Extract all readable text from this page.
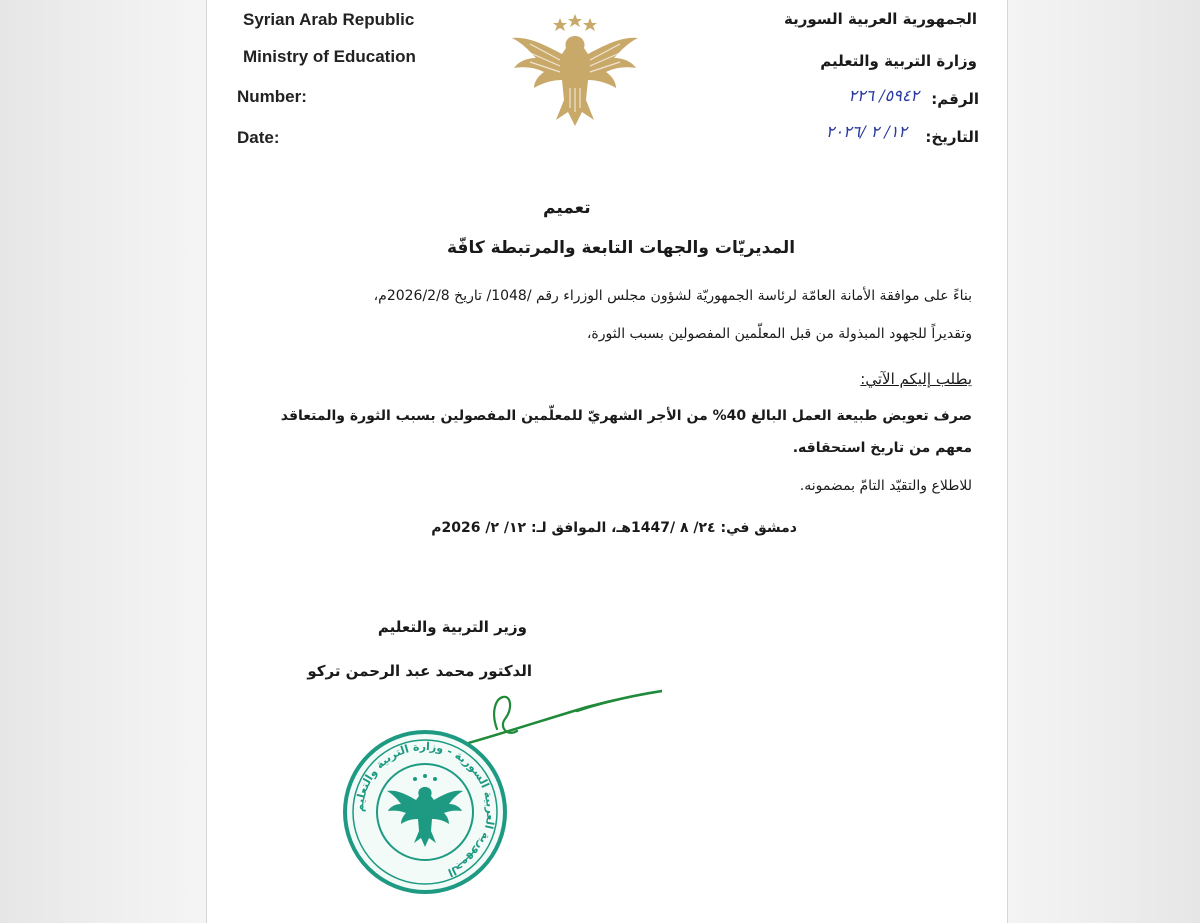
Syrian Arab Republic
Ministry of Education
Number:
Date:
الجمهورية العربية السورية
وزارة التربية والتعليم
الرقم:
٥٩٤٢/ ٢٢٦
التاريخ:
١٢/ ٢ /٢٠٢٦
تعميم
المديريّات والجهات التابعة والمرتبطة كافّة
بناءً على موافقة الأمانة العامّة لرئاسة الجمهوريّة لشؤون مجلس الوزراء رقم /1048/ تاريخ 2026/2/8م،
وتقديراً للجهود المبذولة من قبل المعلّمين المفصولين بسبب الثورة،
يطلب إليكم الآتي:
صرف تعويض طبيعة العمل البالغ 40% من الأجر الشهريّ للمعلّمين المفصولين بسبب الثورة والمتعاقد
معهم من تاريخ استحقاقه.
للاطلاع والتقيّد التامّ بمضمونه.
دمشق في: ٢٤/ ٨ /1447هـ، الموافق لـ: ١٢/ ٢/ 2026م
وزير التربية والتعليم
الدكتور محمد عبد الرحمن تركو
الجمهورية العربية السورية - وزارة التربية والتعليم
